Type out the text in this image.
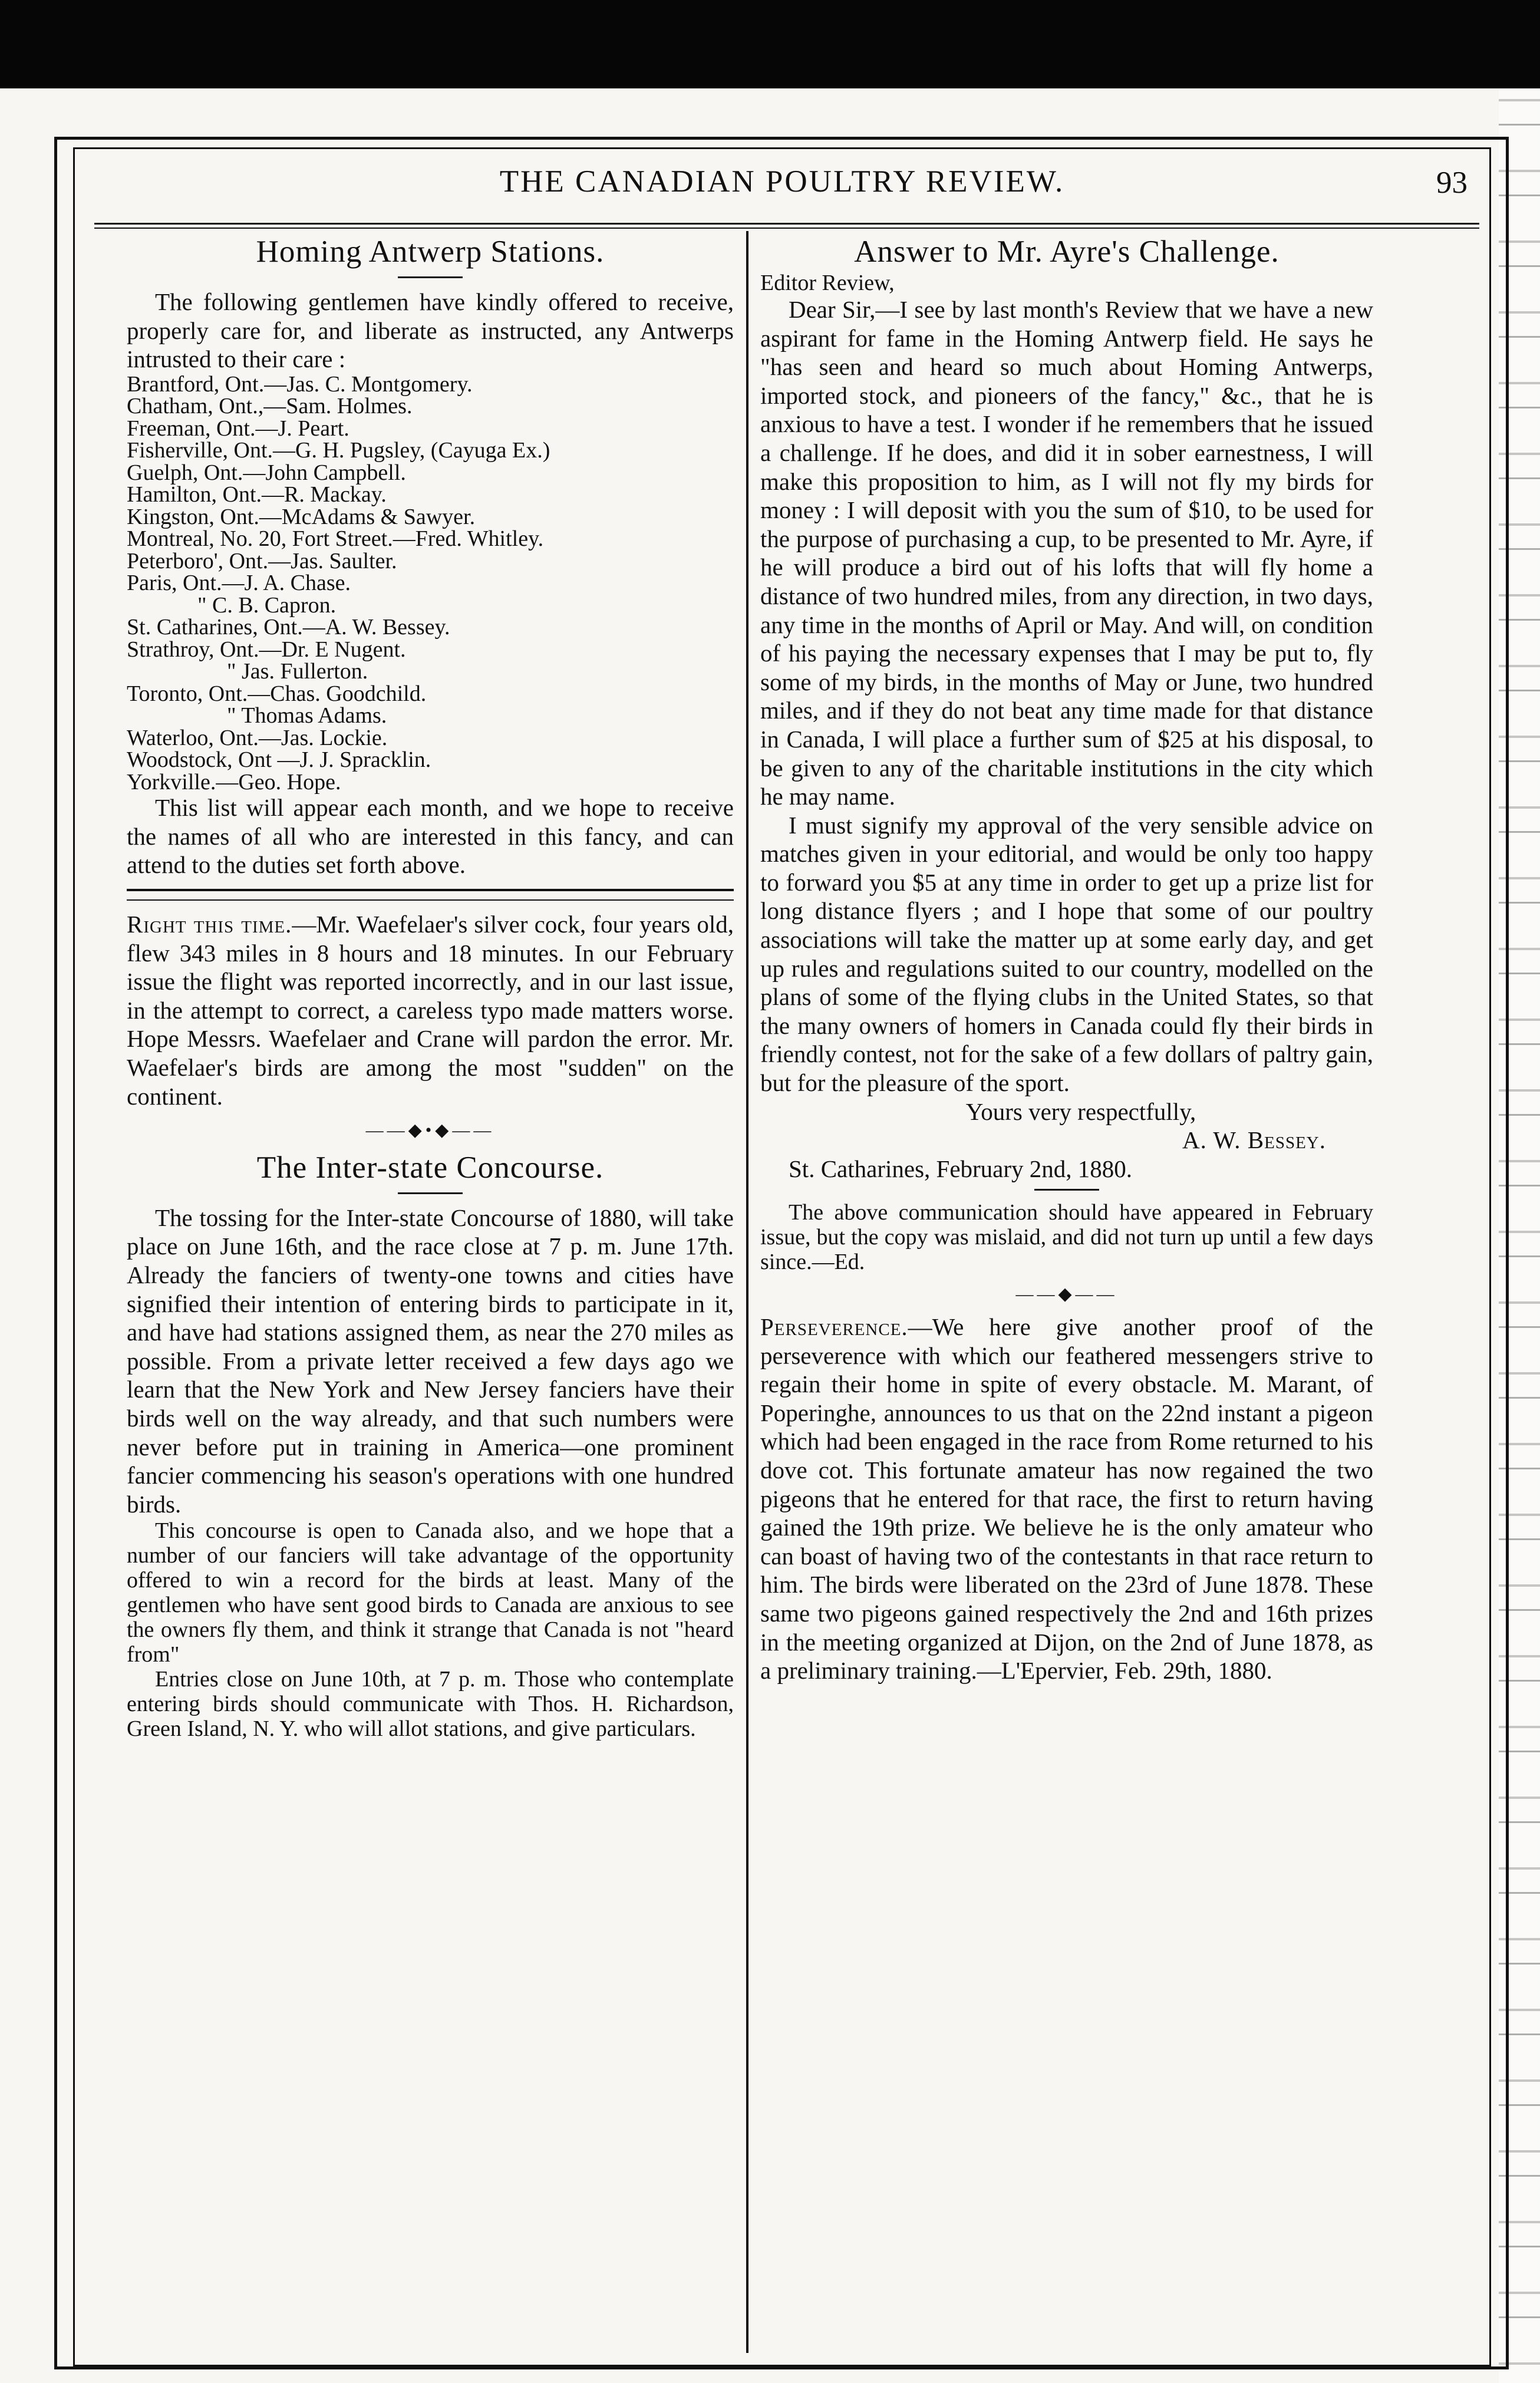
THE CANADIAN POULTRY REVIEW.	93
Homing Antwerp Stations.

The following gentlemen have kindly offered to receive, properly care for, and liberate as instructed, any Antwerps intrusted to their care :

Brantford, Ont.—Jas. C. Montgomery.
Chatham, Ont.,—Sam. Holmes.
Freeman, Ont.—J. Peart.
Fisherville, Ont.—G. H. Pugsley, (Cayuga Ex.)
Guelph, Ont.—John Campbell.
Hamilton, Ont.—R. Mackay.
Kingston, Ont.—McAdams & Sawyer.
Montreal, No. 20, Fort Street.—Fred. Whitley.
Peterboro', Ont.—Jas. Saulter.
Paris, Ont.—J. A. Chase.
" C. B. Capron.
St. Catharines, Ont.—A. W. Bessey.
Strathroy, Ont.—Dr. E Nugent.
" Jas. Fullerton.
Toronto, Ont.—Chas. Goodchild.
" Thomas Adams.
Waterloo, Ont.—Jas. Lockie.
Woodstock, Ont —J. J. Spracklin.
Yorkville.—Geo. Hope.

This list will appear each month, and we hope to receive the names of all who are interested in this fancy, and can attend to the duties set forth above.

Right this time.—Mr. Waefelaer's silver cock, four years old, flew 343 miles in 8 hours and 18 minutes. In our February issue the flight was reported incorrectly, and in our last issue, in the attempt to correct, a careless typo made matters worse. Hope Messrs. Waefelaer and Crane will pardon the error. Mr. Waefelaer's birds are among the most "sudden" on the continent.

——◆•◆——
The Inter-state Concourse.

The tossing for the Inter-state Concourse of 1880, will take place on June 16th, and the race close at 7 p. m. June 17th. Already the fanciers of twenty-one towns and cities have signified their intention of entering birds to participate in it, and have had stations assigned them, as near the 270 miles as possible. From a private letter received a few days ago we learn that the New York and New Jersey fanciers have their birds well on the way already, and that such numbers were never before put in training in America—one prominent fancier commencing his season's operations with one hundred birds.

This concourse is open to Canada also, and we hope that a number of our fanciers will take advantage of the opportunity offered to win a record for the birds at least. Many of the gentlemen who have sent good birds to Canada are anxious to see the owners fly them, and think it strange that Canada is not "heard from"

Entries close on June 10th, at 7 p. m. Those who contemplate entering birds should communicate with Thos. H. Richardson, Green Island, N. Y. who will allot stations, and give particulars.

Answer to Mr. Ayre's Challenge.

Editor Review,

Dear Sir,—I see by last month's Review that we have a new aspirant for fame in the Homing Antwerp field. He says he "has seen and heard so much about Homing Antwerps, imported stock, and pioneers of the fancy," &c., that he is anxious to have a test. I wonder if he remembers that he issued a challenge. If he does, and did it in sober earnestness, I will make this proposition to him, as I will not fly my birds for money : I will deposit with you the sum of $10, to be used for the purpose of purchasing a cup, to be presented to Mr. Ayre, if he will produce a bird out of his lofts that will fly home a distance of two hundred miles, from any direction, in two days, any time in the months of April or May. And will, on condition of his paying the necessary expenses that I may be put to, fly some of my birds, in the months of May or June, two hundred miles, and if they do not beat any time made for that distance in Canada, I will place a further sum of $25 at his disposal, to be given to any of the charitable institutions in the city which he may name.

I must signify my approval of the very sensible advice on matches given in your editorial, and would be only too happy to forward you $5 at any time in order to get up a prize list for long distance flyers ; and I hope that some of our poultry associations will take the matter up at some early day, and get up rules and regulations suited to our country, modelled on the plans of some of the flying clubs in the United States, so that the many owners of homers in Canada could fly their birds in friendly contest, not for the sake of a few dollars of paltry gain, but for the pleasure of the sport.

Yours very respectfully,

A. W. Bessey.

St. Catharines, February 2nd, 1880.

The above communication should have appeared in February issue, but the copy was mislaid, and did not turn up until a few days since.—Ed.

——◆——

Perseverence.—We here give another proof of the perseverence with which our feathered messengers strive to regain their home in spite of every obstacle. M. Marant, of Poperinghe, announces to us that on the 22nd instant a pigeon which had been engaged in the race from Rome returned to his dove cot. This fortunate amateur has now regained the two pigeons that he entered for that race, the first to return having gained the 19th prize. We believe he is the only amateur who can boast of having two of the contestants in that race return to him. The birds were liberated on the 23rd of June 1878. These same two pigeons gained respectively the 2nd and 16th prizes in the meeting organized at Dijon, on the 2nd of June 1878, as a preliminary training.—L'Epervier, Feb. 29th, 1880.
